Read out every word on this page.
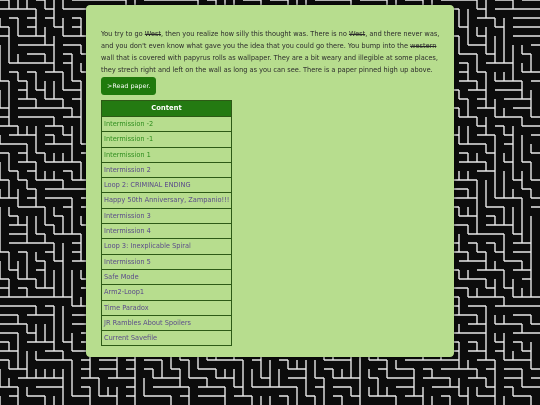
You try to go West, then you realize how silly this thought was. There is no West, and there never was, and you don't even know what gave you the idea that you could go there. You bump into the western wall that is covered with papyrus rolls as wallpaper. They are a bit weary and illegible at some places, they strech right and left on the wall as long as you can see. There is a paper pinned high up above.
>Read paper.
Content
Intermission -2
Intermission -1
Intermission 1
Intermission 2
Loop 2: CRIMINAL ENDING
Happy 50th Anniversary, Zampanio!!!
Intermission 3
Intermission 4
Loop 3: Inexplicable Spiral
Intermission 5
Safe Mode
Arm2-Loop1
Time Paradox
JR Rambles About Spoilers
Current Savefile
